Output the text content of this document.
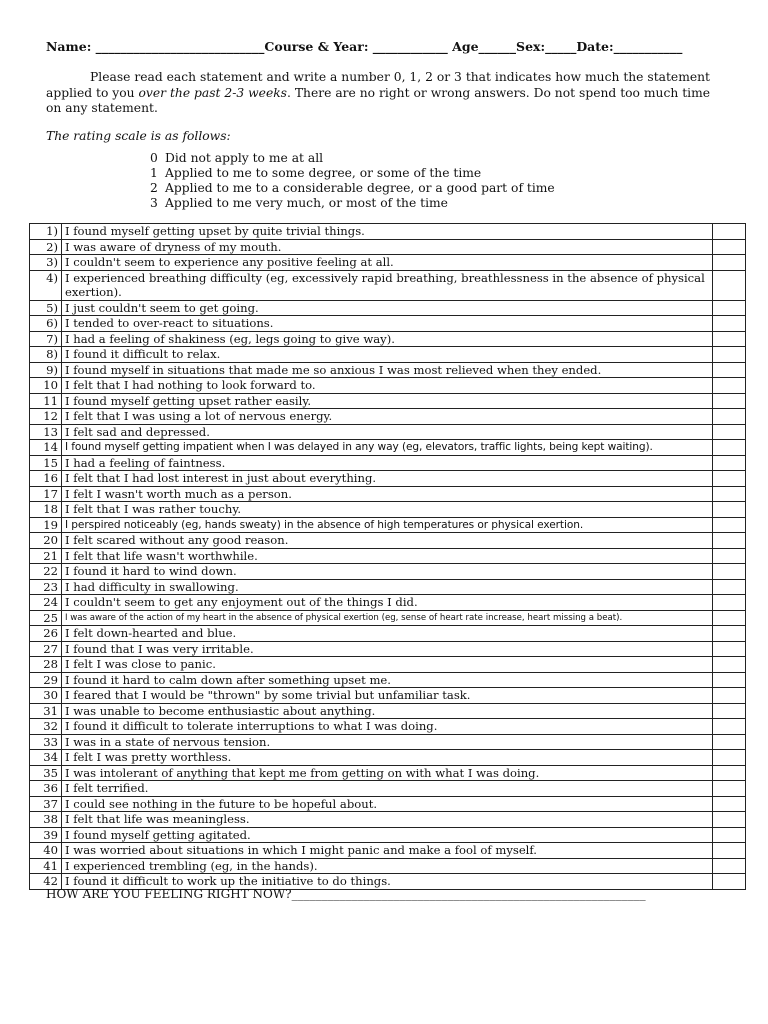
Name: ___________________________Course & Year: ____________ Age______Sex:_____Date:___________
Please read each statement and write a number 0, 1, 2 or 3 that indicates how much the statement applied to you over the past 2-3 weeks. There are no right or wrong answers. Do not spend too much time on any statement.
The rating scale is as follows:
0 Did not apply to me at all
1 Applied to me to some degree, or some of the time
2 Applied to me to a considerable degree, or a good part of time
3 Applied to me very much, or most of the time
1)	I found myself getting upset by quite trivial things.	
2)	I was aware of dryness of my mouth.	
3)	I couldn't seem to experience any positive feeling at all.	
4)	I experienced breathing difficulty (eg, excessively rapid breathing, breathlessness in the absence of physical exertion).	
5)	I just couldn't seem to get going.	
6)	I tended to over-react to situations.	
7)	I had a feeling of shakiness (eg, legs going to give way).	
8)	I found it difficult to relax.	
9)	I found myself in situations that made me so anxious I was most relieved when they ended.	
10	I felt that I had nothing to look forward to.	
11	I found myself getting upset rather easily.	
12	I felt that I was using a lot of nervous energy.	
13	I felt sad and depressed.	
14	I found myself getting impatient when I was delayed in any way (eg, elevators, traffic lights, being kept waiting).	
15	I had a feeling of faintness.	
16	I felt that I had lost interest in just about everything.	
17	I felt I wasn't worth much as a person.	
18	I felt that I was rather touchy.	
19	I perspired noticeably (eg, hands sweaty) in the absence of high temperatures or physical exertion.	
20	I felt scared without any good reason.	
21	I felt that life wasn't worthwhile.	
22	I found it hard to wind down.	
23	I had difficulty in swallowing.	
24	I couldn't seem to get any enjoyment out of the things I did.	
25	I was aware of the action of my heart in the absence of physical exertion (eg, sense of heart rate increase, heart missing a beat).	
26	I felt down-hearted and blue.	
27	I found that I was very irritable.	
28	I felt I was close to panic.	
29	I found it hard to calm down after something upset me.	
30	I feared that I would be "thrown" by some trivial but unfamiliar task.	
31	I was unable to become enthusiastic about anything.	
32	I found it difficult to tolerate interruptions to what I was doing.	
33	I was in a state of nervous tension.	
34	I felt I was pretty worthless.	
35	I was intolerant of anything that kept me from getting on with what I was doing.	
36	I felt terrified.	
37	I could see nothing in the future to be hopeful about.	
38	I felt that life was meaningless.	
39	I found myself getting agitated.	
40	I was worried about situations in which I might panic and make a fool of myself.	
41	I experienced trembling (eg, in the hands).	
42	I found it difficult to work up the initiative to do things.	
HOW ARE YOU FEELING RIGHT NOW?___________________________________________________________
